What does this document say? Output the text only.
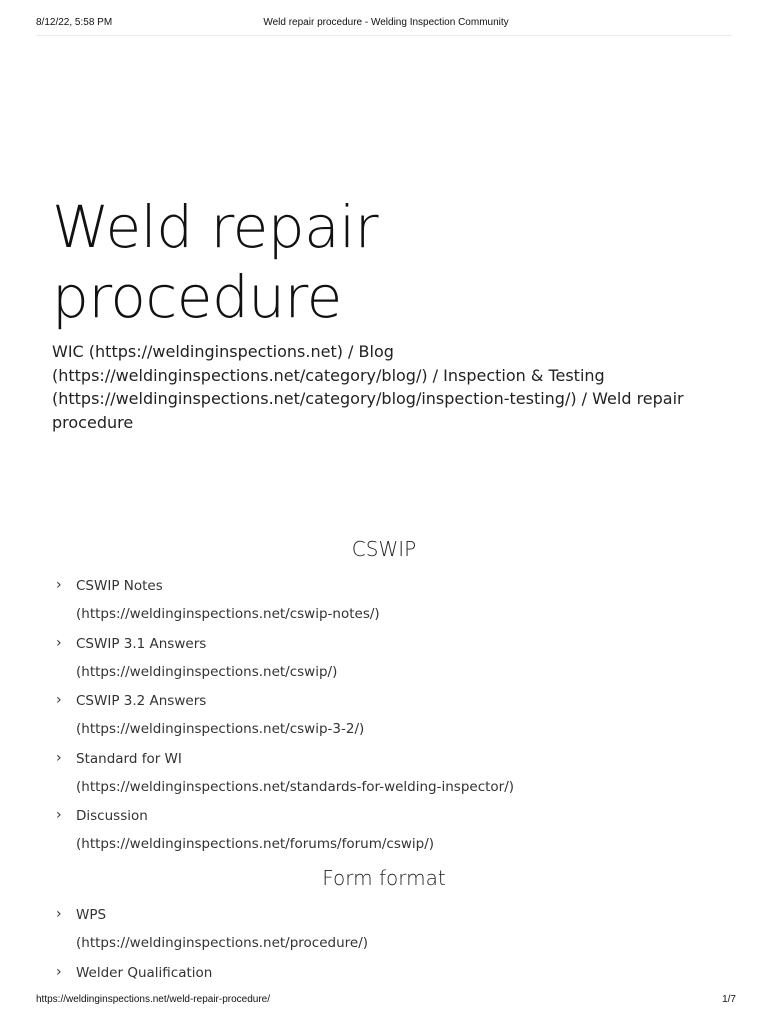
8/12/22, 5:58 PM	Weld repair procedure - Welding Inspection Community
Weld repair procedure
WIC (https://weldinginspections.net) / Blog (https://weldinginspections.net/category/blog/) / Inspection & Testing (https://weldinginspections.net/category/blog/inspection-testing/) / Weld repair procedure
CSWIP
› CSWIP Notes
(https://weldinginspections.net/cswip-notes/)
› CSWIP 3.1 Answers
(https://weldinginspections.net/cswip/)
› CSWIP 3.2 Answers
(https://weldinginspections.net/cswip-3-2/)
› Standard for WI
(https://weldinginspections.net/standards-for-welding-inspector/)
› Discussion
(https://weldinginspections.net/forums/forum/cswip/)
Form format
› WPS
(https://weldinginspections.net/procedure/)
› Welder Qualification
https://weldinginspections.net/weld-repair-procedure/	1/7
